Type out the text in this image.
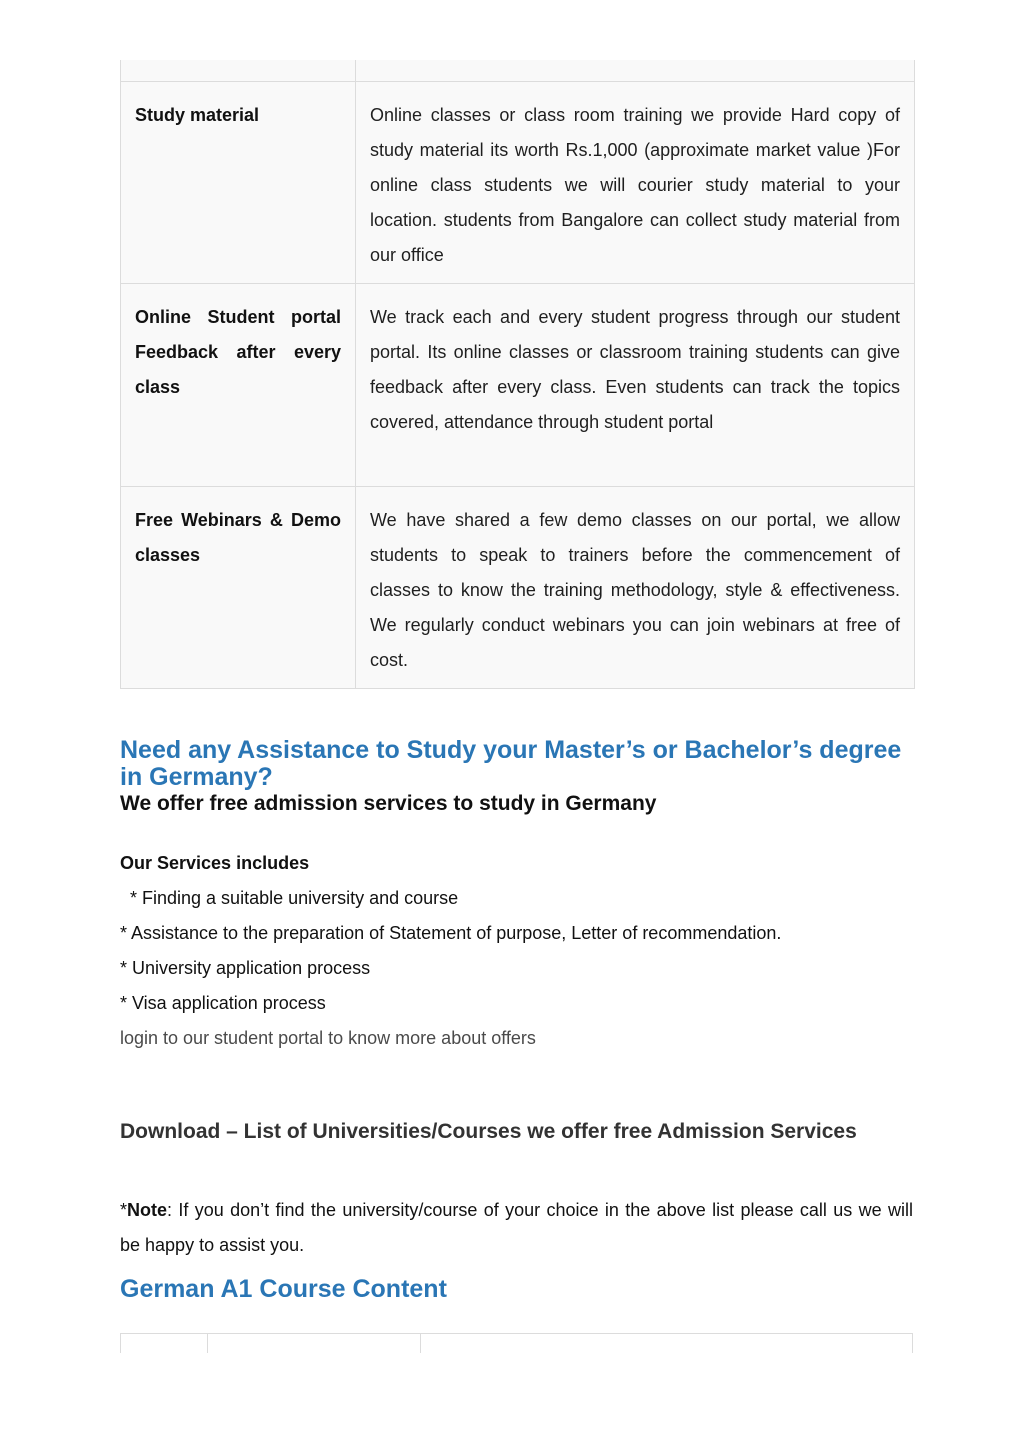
Study material	Online classes or class room training we provide Hard copy of study material its worth Rs.1,000 (approximate market value )For online class students we will courier study material to your location. students from Bangalore can collect study material from our office
Online Student portal Feedback after every class
We track each and every student progress through our student portal. Its online classes or classroom training students can give feedback after every class. Even students can track the topics covered, attendance through student portal
Free Webinars & Demo classes
We have shared a few demo classes on our portal, we allow students to speak to trainers before the commencement of classes to know the training methodology, style & effectiveness. We regularly conduct webinars you can join webinars at free of cost.
Need any Assistance to Study your Master’s or Bachelor’s degree in Germany?
We offer free admission services to study in Germany
Our Services includes
* Finding a suitable university and course
* Assistance to the preparation of Statement of purpose, Letter of recommendation.
* University application process
* Visa application process
login to our student portal to know more about offers
Download – List of Universities/Courses we offer free Admission Services

*Note: If you don’t find the university/course of your choice in the above list please call us we will be happy to assist you.

German A1 Course Content
